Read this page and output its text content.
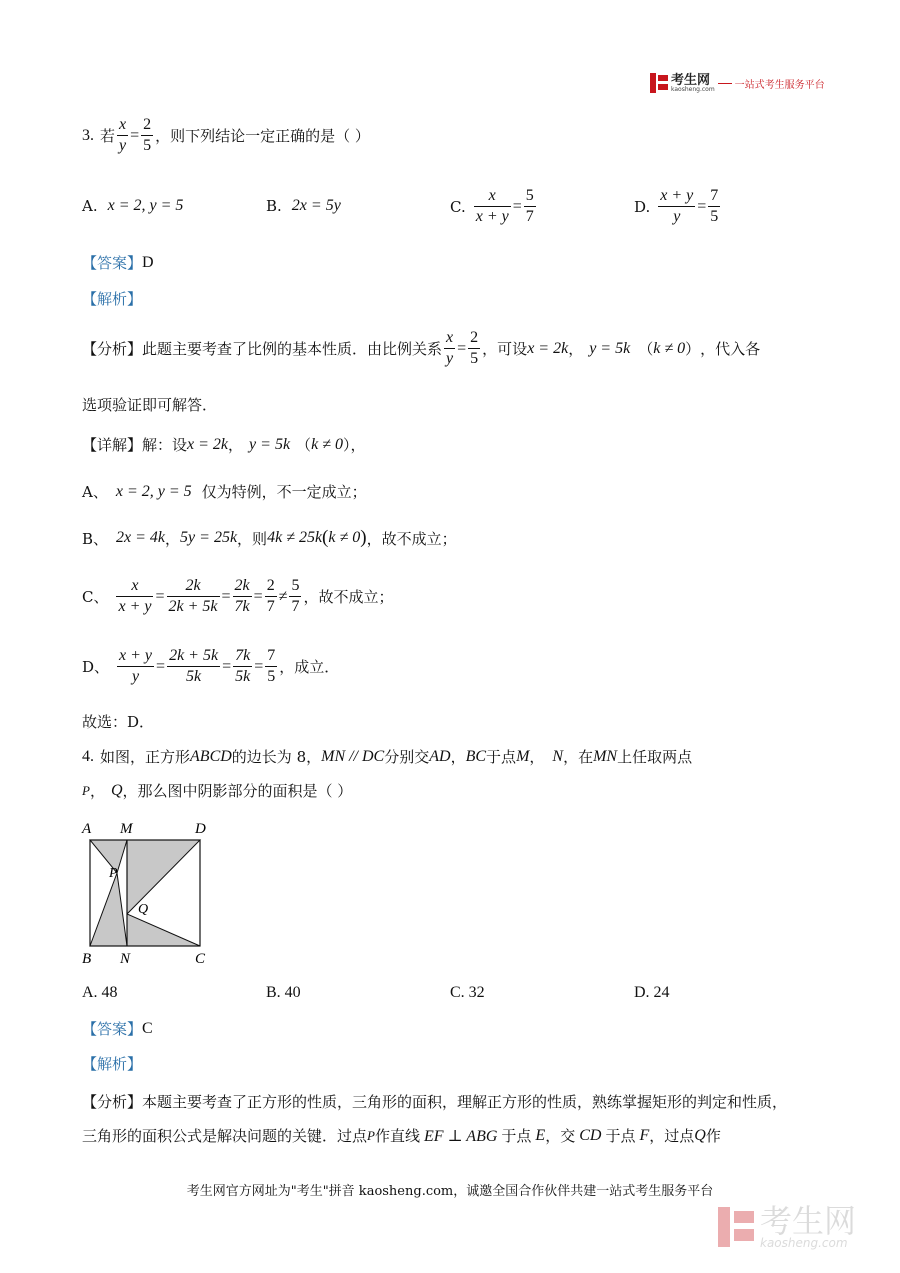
考生网
kaosheng.com 一站式考生服务平台
3. 若 $\frac{x}{y} = \frac{2}{5}$ ，则下列结论一定正确的是（ ）
A. x = 2, y = 5	B. 2x = 5y	C. $\frac{x}{x + y} = \frac{5}{7}$	D. $\frac{x + y}{y} = \frac{7}{5}$
【答案】 D
【解析】
【分析】 此题主要考查了比例的基本性质．由比例关系 $\frac{x}{y} = \frac{2}{5}$ ，可设 x = 2k ， y = 5k （ k ≠ 0 ） ，代入各
选项验证即可解答．
【详解】 解：设 x = 2k ， y = 5k （ k ≠ 0 ），
A、 x = 2, y = 5 仅为特例，不一定成立；
B、 2x = 4k ， 5y = 25k ，则 4k ≠ 25k ( k ≠ 0 ) ，故不成立；
C、 $\frac{x}{x + y} = \frac{2k}{2k + 5k} = \frac{2k}{7k} = \frac{2}{7} \ne \frac{5}{7}$ ，故不成立；
D、 $\frac{x + y}{y} = \frac{2k + 5k}{5k} = \frac{7k}{5k} = \frac{7}{5}$ ，成立．
故选：D．
4. 如图，正方形 ABCD 的边长为 8， MN // DC 分别交 AD ， BC 于点 M ， N ，在 MN 上任取两点
P ， Q ，那么图中阴影部分的面积是（ ）
A M	D
P
Q
B N	C
A. 48	B. 40	C. 32	D. 24
【答案】 C
【解析】
【分析】 本题主要考查了正方形的性质，三角形的面积，理解正方形的性质，熟练掌握矩形的判定和性质，
三角形的面积公式是解决问题的关键．过点 P 作直线 EF ⊥ ABG 于点 E ，交 CD 于点 F ，过点 Q 作
考生网官方网址为"考生"拼音 kaosheng.com，诚邀全国合作伙伴共建一站式考生服务平台
考生网
kaosheng.com
